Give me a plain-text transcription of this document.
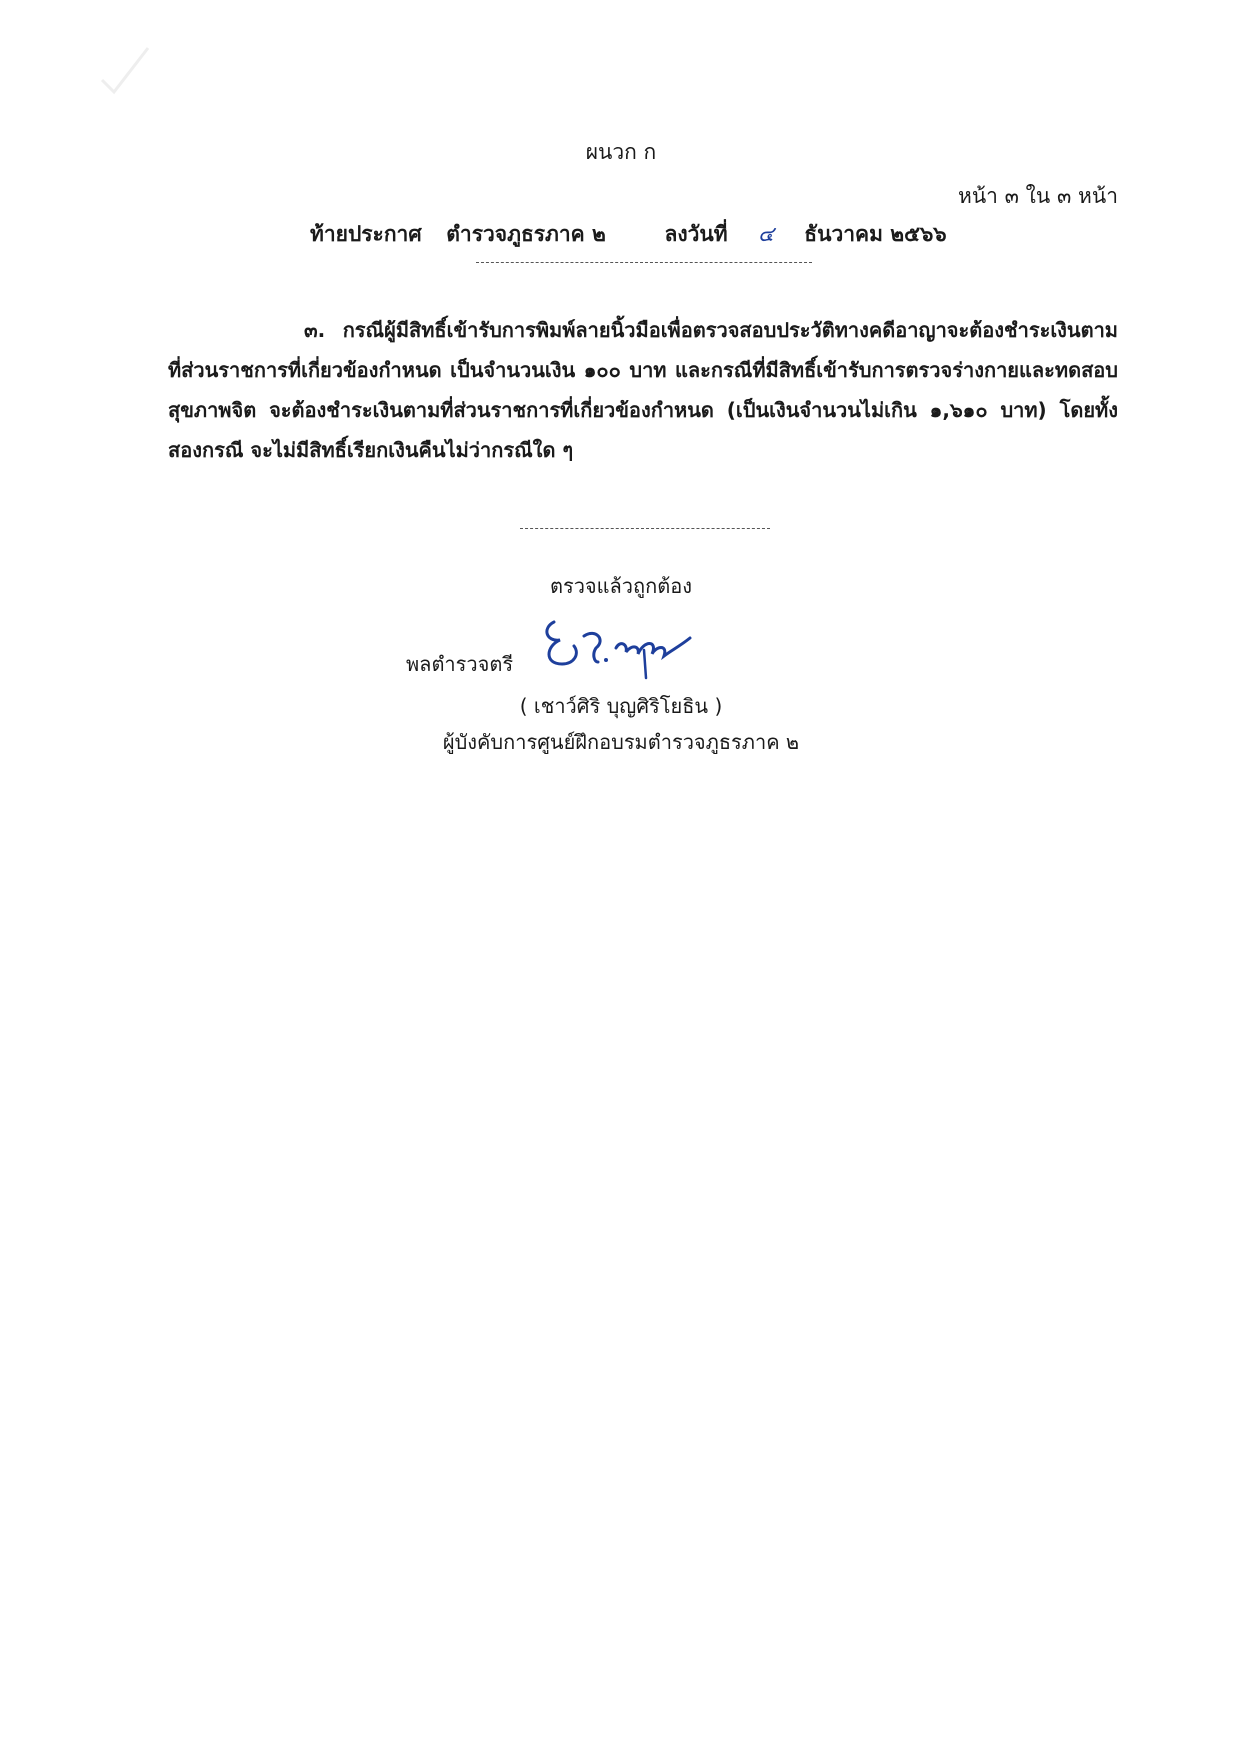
ผนวก ก
หน้า ๓ ใน ๓ หน้า
ท้ายประกาศ ตำรวจภูธรภาค ๒	ลงวันที่ ๔ ธันวาคม ๒๕๖๖
๓. กรณีผู้มีสิทธิ์เข้ารับการพิมพ์ลายนิ้วมือเพื่อตรวจสอบประวัติทางคดีอาญาจะต้องชำระเงินตามที่ส่วนราชการที่เกี่ยวข้องกำหนด เป็นจำนวนเงิน ๑๐๐ บาท และกรณีที่มีสิทธิ์เข้ารับการตรวจร่างกายและทดสอบสุขภาพจิต จะต้องชำระเงินตามที่ส่วนราชการที่เกี่ยวข้องกำหนด (เป็นเงินจำนวนไม่เกิน ๑,๖๑๐ บาท) โดยทั้งสองกรณี จะไม่มีสิทธิ์เรียกเงินคืนไม่ว่ากรณีใด ๆ
ตรวจแล้วถูกต้อง
พลตำรวจตรี
( เชาว์ศิริ บุญศิริโยธิน )
ผู้บังคับการศูนย์ฝึกอบรมตำรวจภูธรภาค ๒
